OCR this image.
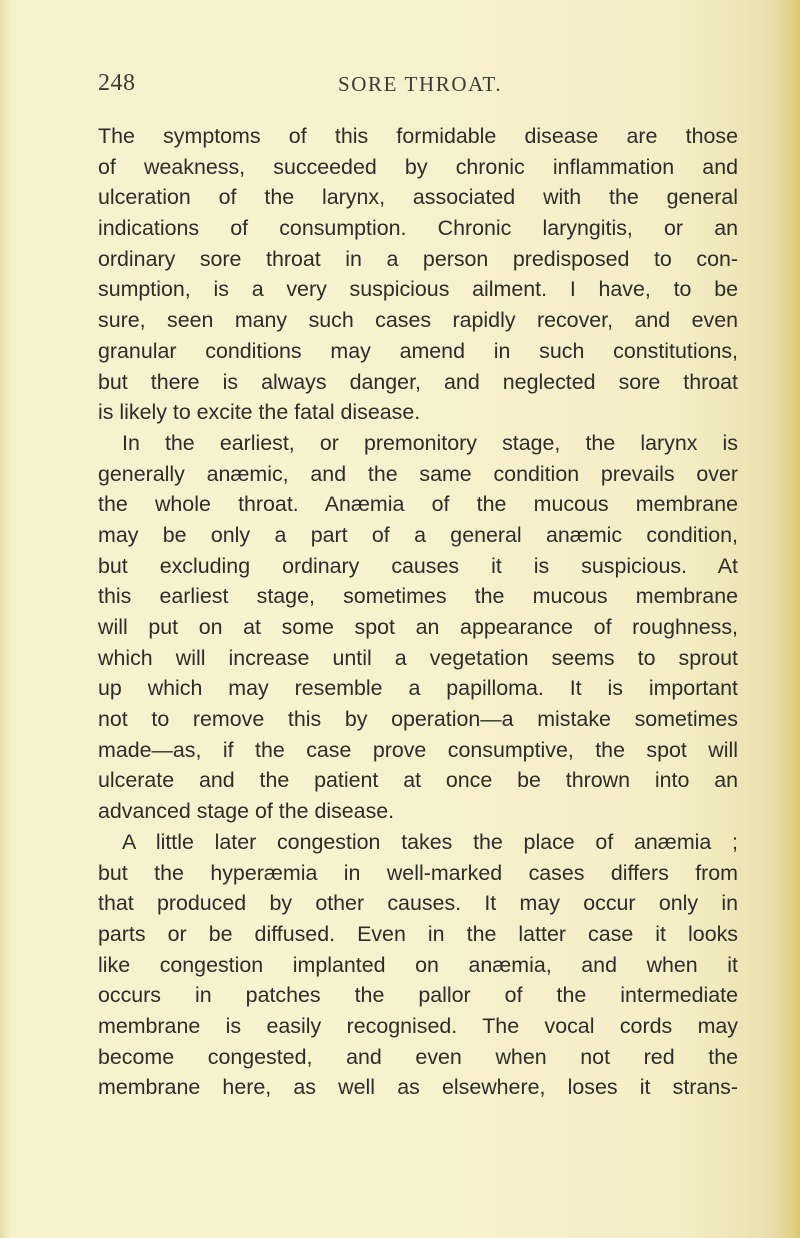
248	SORE THROAT.
The symptoms of this formidable disease are those
of weakness, succeeded by chronic inflammation and
ulceration of the larynx, associated with the general
indications of consumption. Chronic laryngitis, or an
ordinary sore throat in a person predisposed to con-
sumption, is a very suspicious ailment. I have, to be
sure, seen many such cases rapidly recover, and even
granular conditions may amend in such constitutions,
but there is always danger, and neglected sore throat
is likely to excite the fatal disease.
In the earliest, or premonitory stage, the larynx is
generally anæmic, and the same condition prevails over
the whole throat. Anæmia of the mucous membrane
may be only a part of a general anæmic condition,
but excluding ordinary causes it is suspicious. At
this earliest stage, sometimes the mucous membrane
will put on at some spot an appearance of roughness,
which will increase until a vegetation seems to sprout
up which may resemble a papilloma. It is important
not to remove this by operation—a mistake sometimes
made—as, if the case prove consumptive, the spot will
ulcerate and the patient at once be thrown into an
advanced stage of the disease.
A little later congestion takes the place of anæmia ;
but the hyperæmia in well-marked cases differs from
that produced by other causes. It may occur only in
parts or be diffused. Even in the latter case it looks
like congestion implanted on anæmia, and when it
occurs in patches the pallor of the intermediate
membrane is easily recognised. The vocal cords may
become congested, and even when not red the
membrane here, as well as elsewhere, loses it strans-
